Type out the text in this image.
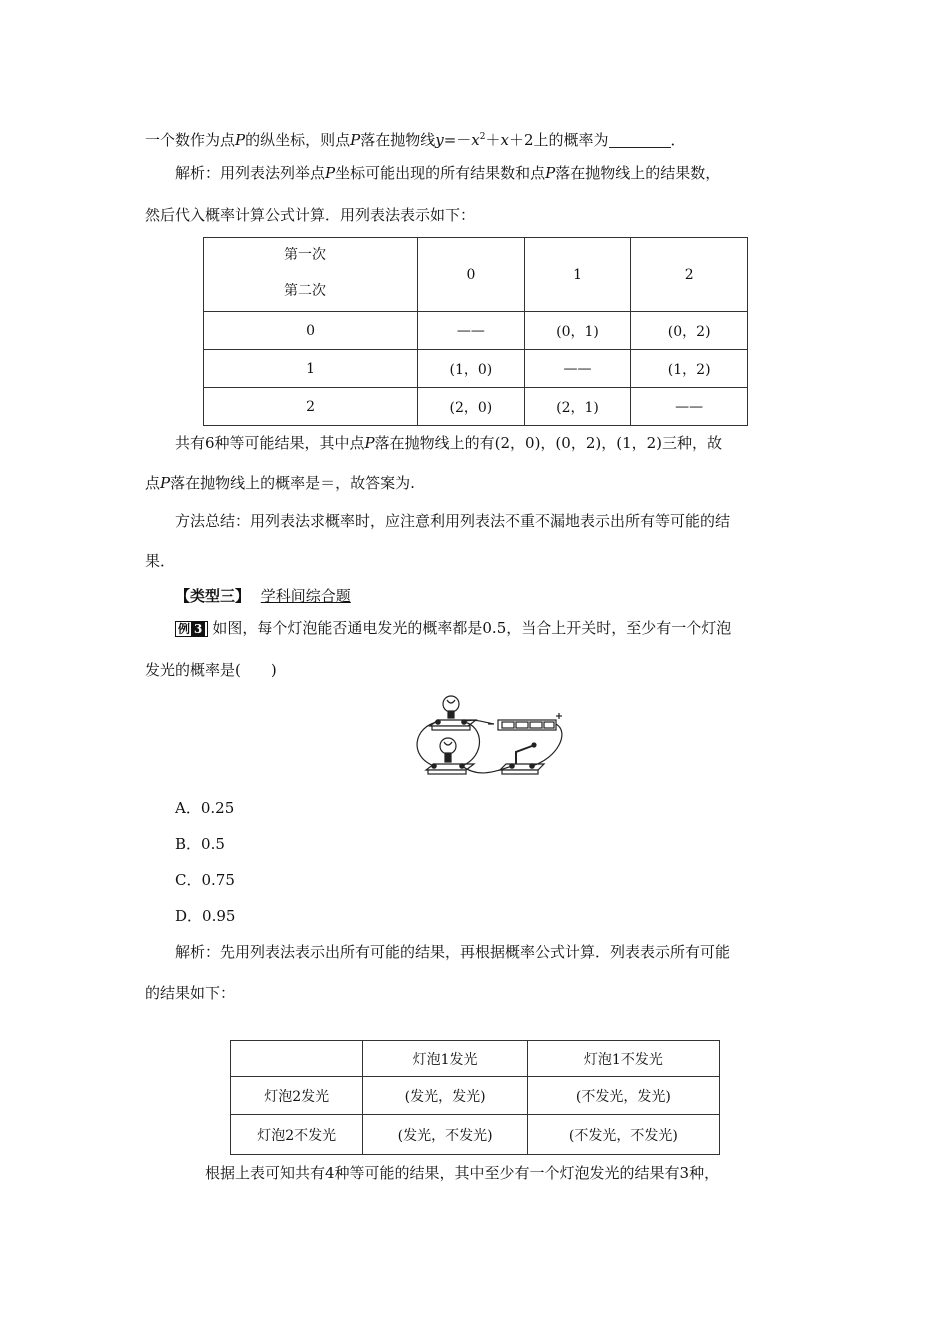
一个数作为点P的纵坐标，则点P落在抛物线$y=-x^2+x+2$上的概率为	．
解析：用列表法列举点P坐标可能出现的所有结果数和点P落在抛物线上的结果数，
然后代入概率计算公式计算．用列表法表示如下：
第一次
第二次	0	1	2
0	——	(0，1)	(0，2)
1	(1，0)	——	(1，2)
2	(2，0)	(2，1)	——
共有6种等可能结果，其中点P落在抛物线上的有(2，0)，(0，2)，(1，2)三种，故
点P落在抛物线上的概率是＝，故答案为.
方法总结：用列表法求概率时，应注意利用列表法不重不漏地表示出所有等可能的结
果．
【类型三】 学科间综合题
例 3 如图，每个灯泡能否通电发光的概率都是0.5，当合上开关时，至少有一个灯泡
发光的概率是(　　)
A．0.25
B．0.5
C．0.75
D．0.95
解析：先用列表法表示出所有可能的结果，再根据概率公式计算．列表表示所有可能
的结果如下：
	灯泡1发光	灯泡1不发光
灯泡2发光	(发光，发光)	(不发光，发光)
灯泡2不发光	(发光，不发光)	(不发光，不发光)
根据上表可知共有4种等可能的结果，其中至少有一个灯泡发光的结果有3种，
